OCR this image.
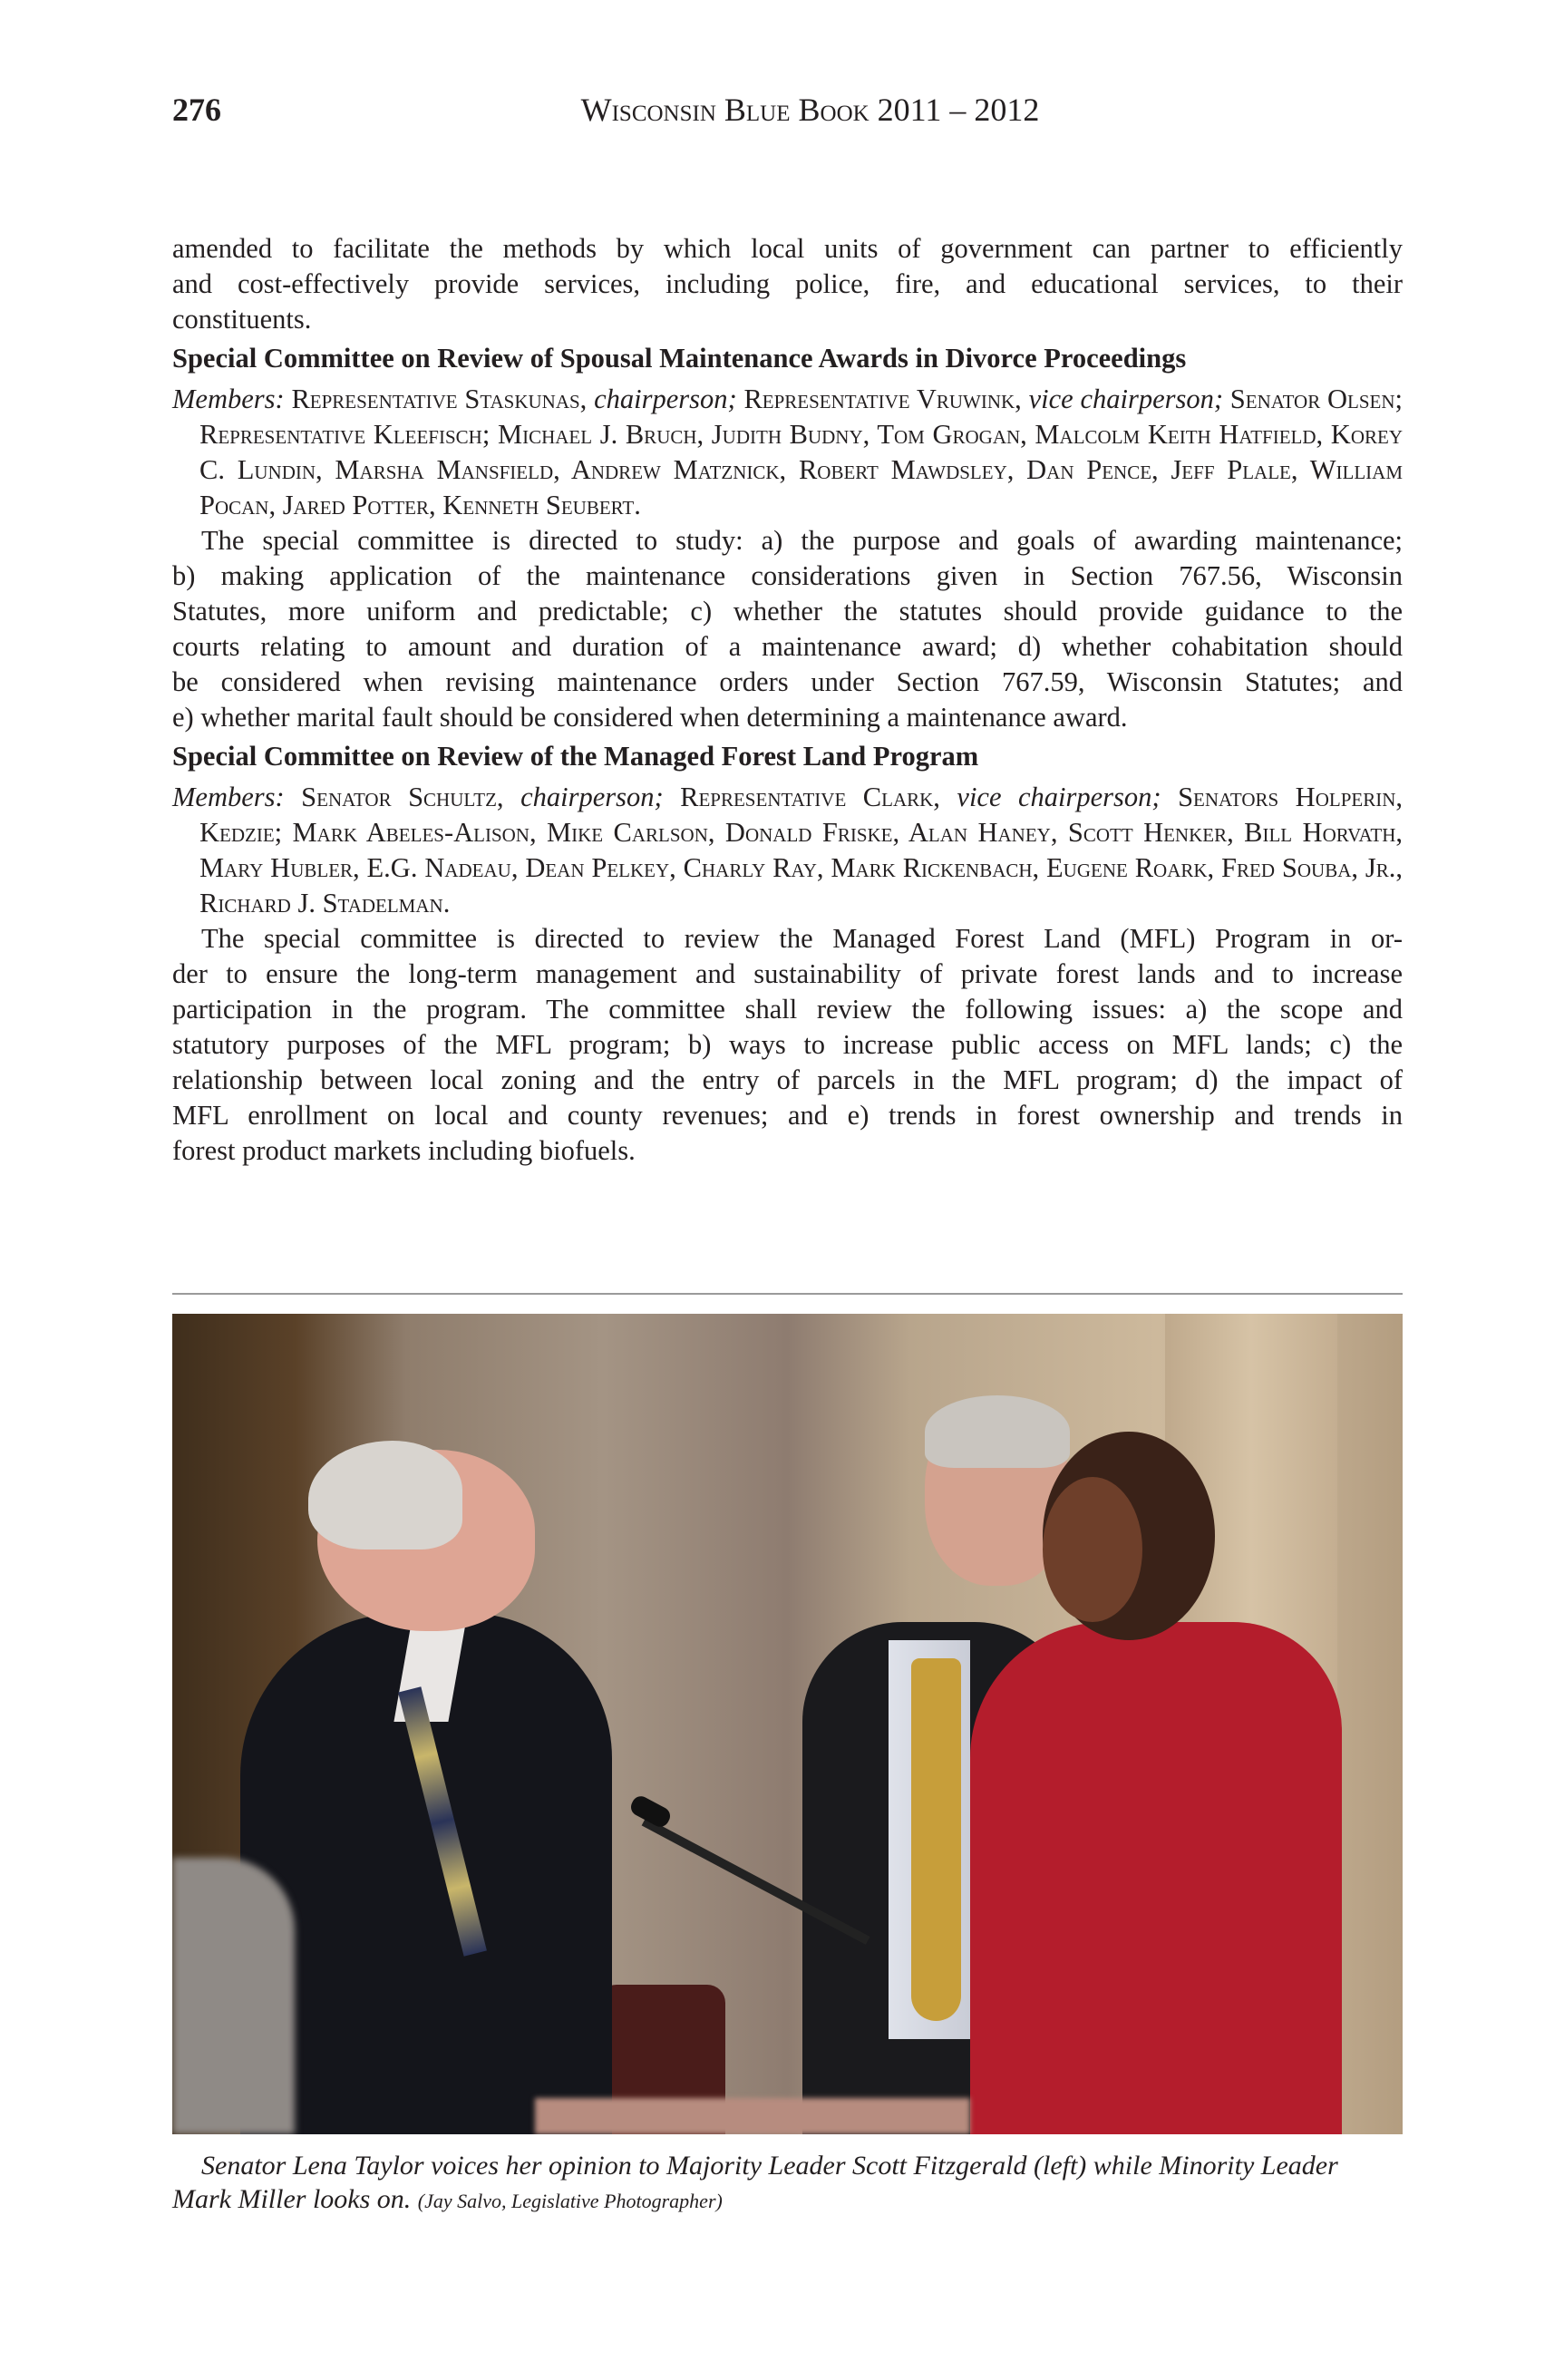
276	Wisconsin Blue Book 2011 – 2012
amended to facilitate the methods by which local units of government can partner to efficiently
and cost-effectively provide services, including police, fire, and educational services, to their
constituents.
Special Committee on Review of Spousal Maintenance Awards in Divorce Proceedings

Members: Representative Staskunas, chairperson; Representative Vruwink, vice chairperson; Senator Olsen; Representative Kleefisch; Michael J. Bruch, Judith Budny, Tom Grogan, Malcolm Keith Hatfield, Korey C. Lundin, Marsha Mansfield, Andrew Matznick, Robert Mawdsley, Dan Pence, Jeff Plale, William Pocan, Jared Potter, Kenneth Seubert.

The special committee is directed to study: a) the purpose and goals of awarding maintenance;
b) making application of the maintenance considerations given in Section 767.56, Wisconsin
Statutes, more uniform and predictable; c) whether the statutes should provide guidance to the
courts relating to amount and duration of a maintenance award; d) whether cohabitation should
be considered when revising maintenance orders under Section 767.59, Wisconsin Statutes; and
e) whether marital fault should be considered when determining a maintenance award.
Special Committee on Review of the Managed Forest Land Program

Members: Senator Schultz, chairperson; Representative Clark, vice chairperson; Senators Holperin, Kedzie; Mark Abeles-Alison, Mike Carlson, Donald Friske, Alan Haney, Scott Henker, Bill Horvath, Mary Hubler, E.G. Nadeau, Dean Pelkey, Charly Ray, Mark Rickenbach, Eugene Roark, Fred Souba, Jr., Richard J. Stadelman.

The special committee is directed to review the Managed Forest Land (MFL) Program in or-
der to ensure the long-term management and sustainability of private forest lands and to increase
participation in the program. The committee shall review the following issues: a) the scope and
statutory purposes of the MFL program; b) ways to increase public access on MFL lands; c) the
relationship between local zoning and the entry of parcels in the MFL program; d) the impact of
MFL enrollment on local and county revenues; and e) trends in forest ownership and trends in
forest product markets including biofuels.
Senator Lena Taylor voices her opinion to Majority Leader Scott Fitzgerald (left) while Minority Leader Mark Miller looks on. (Jay Salvo, Legislative Photographer)
